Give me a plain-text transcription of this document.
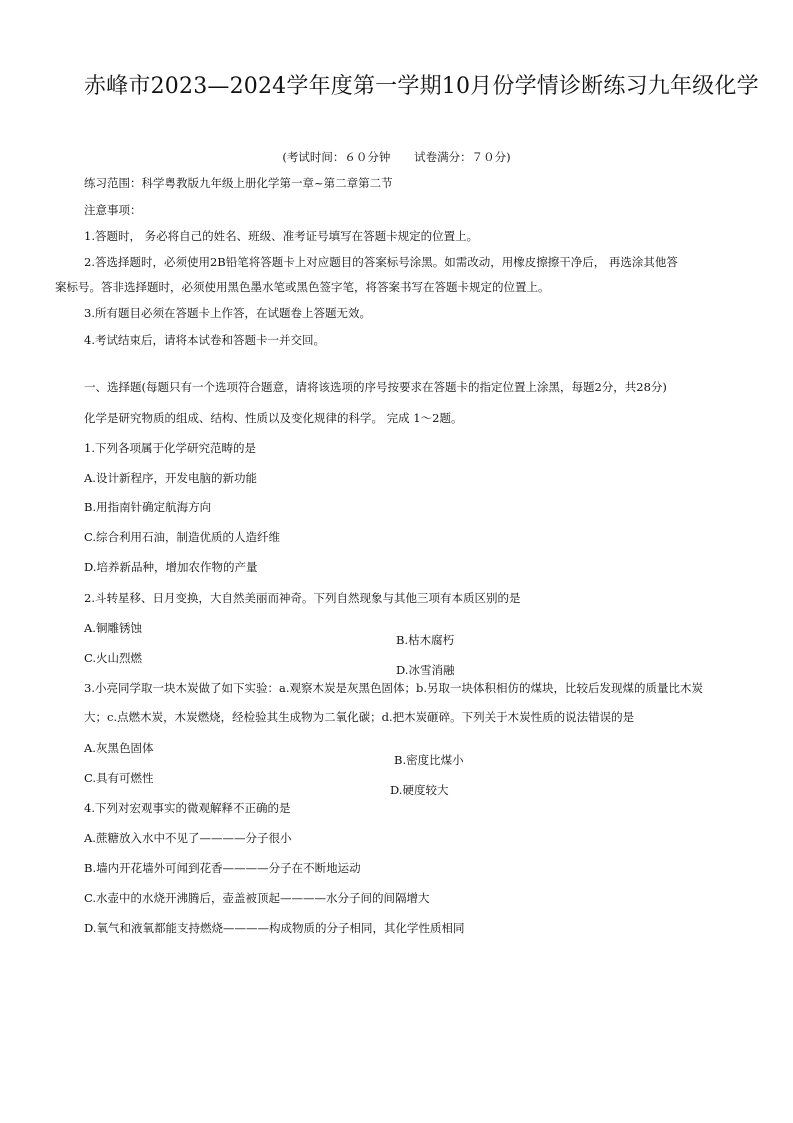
赤峰市2023—2024学年度第一学期10月份学情诊断练习九年级化学
(考试时间：６０分钟 试卷满分：７０分)

练习范围：科学粤教版九年级上册化学第一章~第二章第二节

注意事项：

1.答题时， 务必将自己的姓名、班级、准考证号填写在答题卡规定的位置上。

2.答选择题时，必须使用2B铅笔将答题卡上对应题目的答案标号涂黑。如需改动，用橡皮擦擦干净后， 再选涂其他答

案标号。答非选择题时，必须使用黑色墨水笔或黑色签字笔，将答案书写在答题卡规定的位置上。

3.所有题目必须在答题卡上作答，在试题卷上答题无效。

4.考试结束后，请将本试卷和答题卡一并交回。

一、选择题(每题只有一个选项符合题意，请将该选项的序号按要求在答题卡的指定位置上涂黑，每题2分，共28分)

化学是研究物质的组成、结构、性质以及变化规律的科学。 完成 1～2题。

1.下列各项属于化学研究范畴的是

A.设计新程序，开发电脑的新功能

B.用指南针确定航海方向

C.综合利用石油，制造优质的人造纤维

D.培养新品种，增加农作物的产量

2.斗转星移、日月变换，大自然美丽而神奇。下列自然现象与其他三项有本质区别的是

A.铜雕锈蚀

B.枯木腐朽

C.火山烈燃

D.冰雪消融

3.小亮同学取一块木炭做了如下实验：a.观察木炭是灰黑色固体；b.另取一块体积相仿的煤块，比较后发现煤的质量比木炭

大；c.点燃木炭，木炭燃烧，经检验其生成物为二氧化碳；d.把木炭砸碎。下列关于木炭性质的说法错误的是

A.灰黑色固体

B.密度比煤小

C.具有可燃性

D.硬度较大

4.下列对宏观事实的微观解释不正确的是

A.蔗糖放入水中不见了————分子很小

B.墙内开花墙外可闻到花香————分子在不断地运动

C.水壶中的水烧开沸腾后，壶盖被顶起————水分子间的间隔增大

D.氧气和液氧都能支持燃烧————构成物质的分子相同，其化学性质相同
